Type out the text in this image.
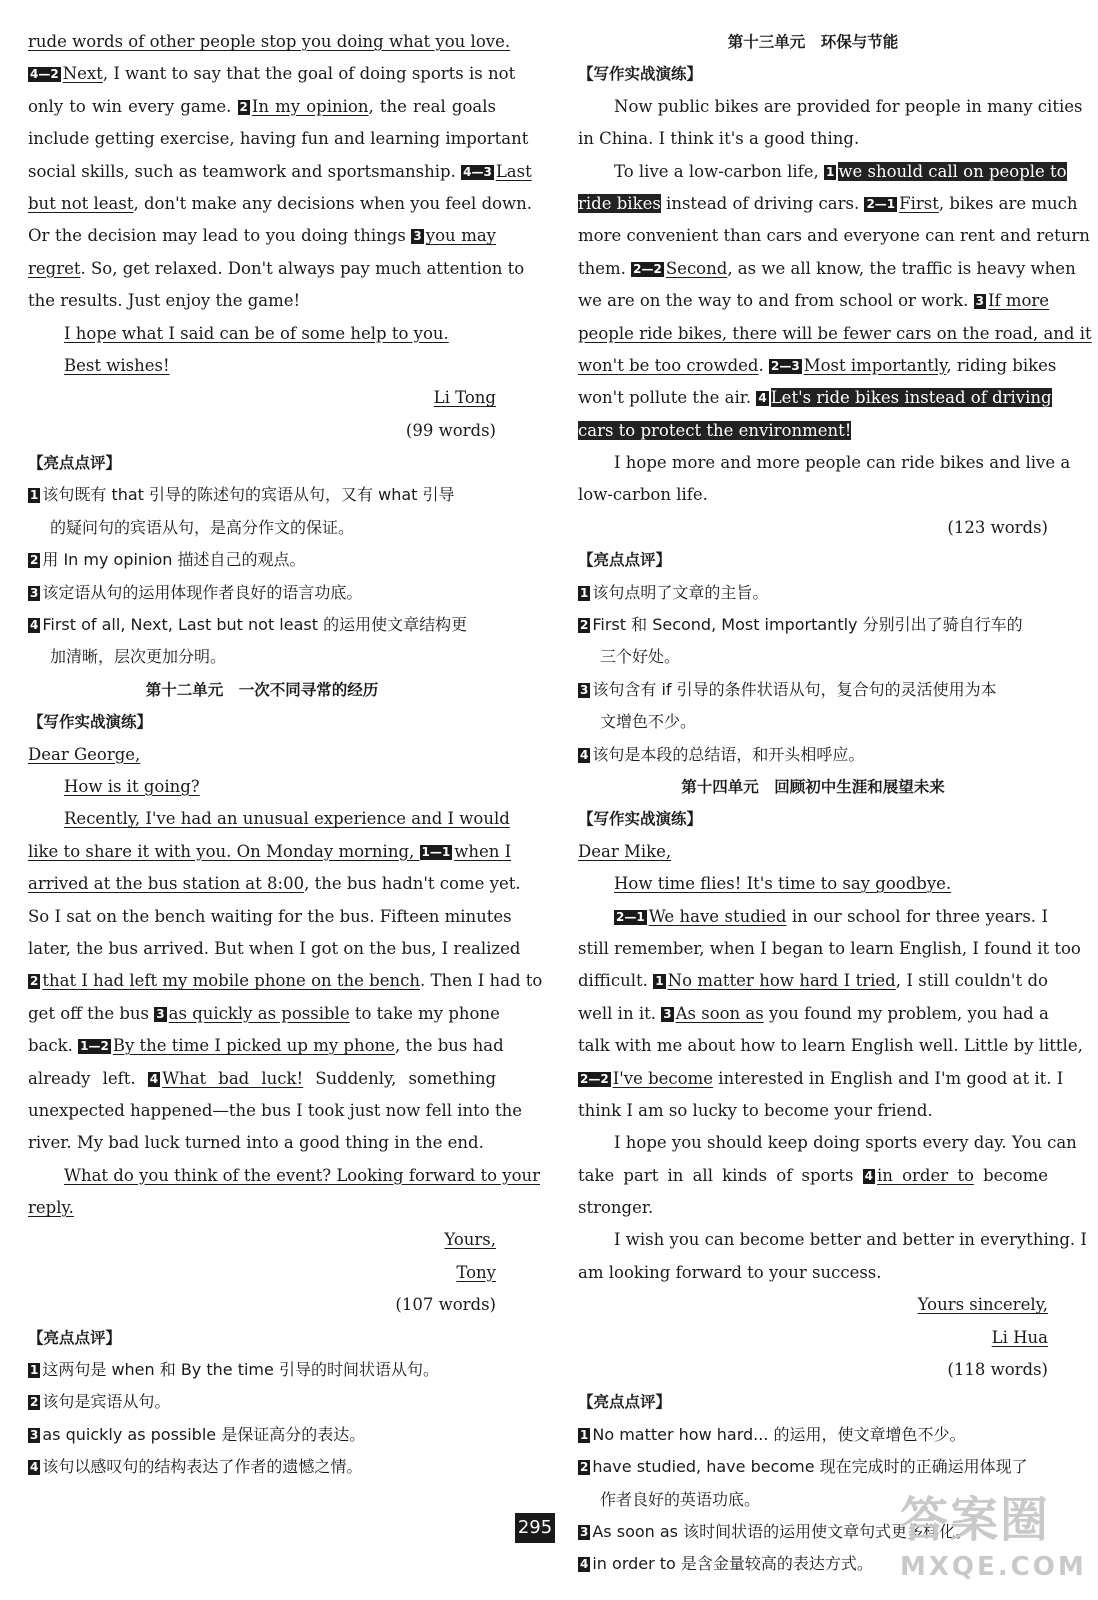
rude words of other people stop you doing what you love.
4—2 Next, I want to say that the goal of doing sports is not
only to win every game. 2 In my opinion, the real goals
include getting exercise, having fun and learning important
social skills, such as teamwork and sportsmanship. 4—3 Last
but not least, don't make any decisions when you feel down.
Or the decision may lead to you doing things 3 you may
regret. So, get relaxed. Don't always pay much attention to
the results. Just enjoy the game!
I hope what I said can be of some help to you.
Best wishes!
Li Tong
(99 words)
【亮点点评】
1 该句既有 that 引导的陈述句的宾语从句，又有 what 引导
的疑问句的宾语从句，是高分作文的保证。
2 用 In my opinion 描述自己的观点。
3 该定语从句的运用体现作者良好的语言功底。
4 First of all, Next, Last but not least 的运用使文章结构更
加清晰，层次更加分明。
第十二单元　一次不同寻常的经历
【写作实战演练】
Dear George,
How is it going?
Recently, I've had an unusual experience and I would
like to share it with you. On Monday morning, 1—1 when I
arrived at the bus station at 8:00, the bus hadn't come yet.
So I sat on the bench waiting for the bus. Fifteen minutes
later, the bus arrived. But when I got on the bus, I realized
2 that I had left my mobile phone on the bench. Then I had to
get off the bus 3 as quickly as possible to take my phone
back. 1—2 By the time I picked up my phone, the bus had
already left. 4 What bad luck! Suddenly, something
unexpected happened—the bus I took just now fell into the
river. My bad luck turned into a good thing in the end.
What do you think of the event? Looking forward to your
reply.
Yours,
Tony
(107 words)
【亮点点评】
1 这两句是 when 和 By the time 引导的时间状语从句。
2 该句是宾语从句。
3 as quickly as possible 是保证高分的表达。
4 该句以感叹句的结构表达了作者的遗憾之情。
第十三单元　环保与节能
【写作实战演练】
Now public bikes are provided for people in many cities
in China. I think it's a good thing.
To live a low-carbon life, 1 we should call on people to
ride bikes instead of driving cars. 2—1 First, bikes are much
more convenient than cars and everyone can rent and return
them. 2—2 Second, as we all know, the traffic is heavy when
we are on the way to and from school or work. 3 If more
people ride bikes, there will be fewer cars on the road, and it
won't be too crowded. 2—3 Most importantly, riding bikes
won't pollute the air. 4 Let's ride bikes instead of driving
cars to protect the environment!
I hope more and more people can ride bikes and live a
low-carbon life.
(123 words)
【亮点点评】
1 该句点明了文章的主旨。
2 First 和 Second, Most importantly 分别引出了骑自行车的
三个好处。
3 该句含有 if 引导的条件状语从句，复合句的灵活使用为本
文增色不少。
4 该句是本段的总结语，和开头相呼应。
第十四单元　回顾初中生涯和展望未来
【写作实战演练】
Dear Mike,
How time flies! It's time to say goodbye.
2—1 We have studied in our school for three years. I
still remember, when I began to learn English, I found it too
difficult. 1 No matter how hard I tried, I still couldn't do
well in it. 3 As soon as you found my problem, you had a
talk with me about how to learn English well. Little by little,
2—2 I've become interested in English and I'm good at it. I
think I am so lucky to become your friend.
I hope you should keep doing sports every day. You can
take part in all kinds of sports 4 in order to become
stronger.
I wish you can become better and better in everything. I
am looking forward to your success.
Yours sincerely,
Li Hua
(118 words)
【亮点点评】
1 No matter how hard... 的运用，使文章增色不少。
2 have studied, have become 现在完成时的正确运用体现了
作者良好的英语功底。
3 As soon as 该时间状语的运用使文章句式更多样化。
4 in order to 是含金量较高的表达方式。
295	答案圈
MXQE.COM
